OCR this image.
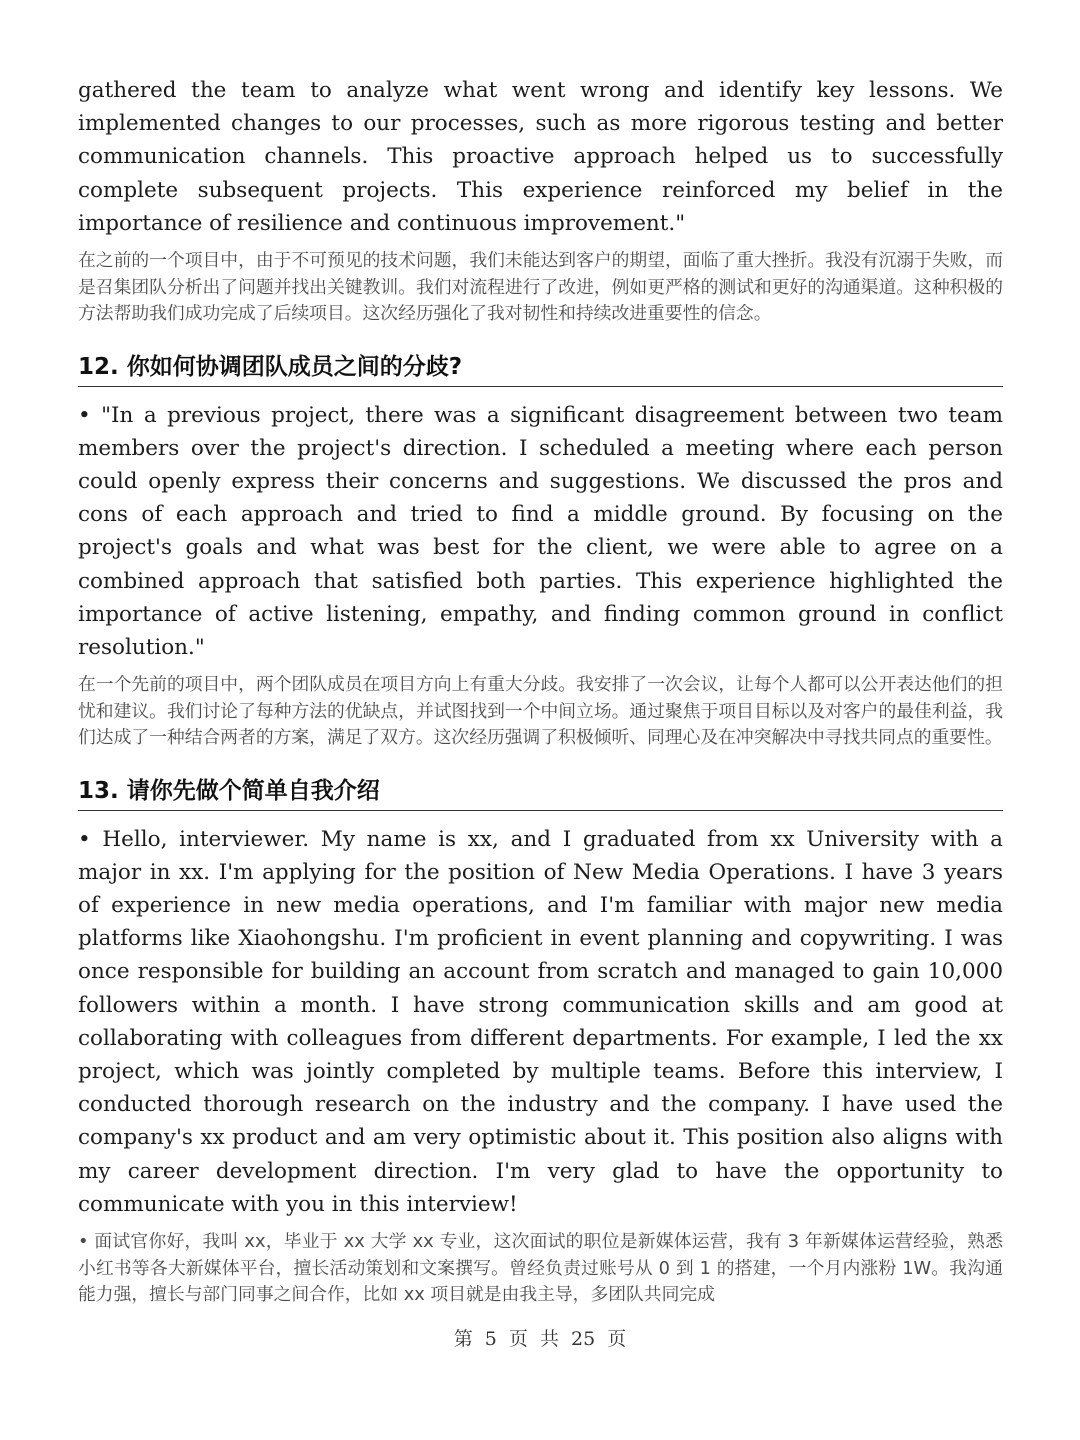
gathered the team to analyze what went wrong and identify key lessons. We implemented changes to our processes, such as more rigorous testing and better communication channels. This proactive approach helped us to successfully complete subsequent projects. This experience reinforced my belief in the importance of resilience and continuous improvement."

在之前的一个项目中，由于不可预见的技术问题，我们未能达到客户的期望，面临了重大挫折。我没有沉溺于失败，而是召集团队分析出了问题并找出关键教训。我们对流程进行了改进，例如更严格的测试和更好的沟通渠道。这种积极的方法帮助我们成功完成了后续项目。这次经历强化了我对韧性和持续改进重要性的信念。

12. 你如何协调团队成员之间的分歧?

• "In a previous project, there was a significant disagreement between two team members over the project's direction. I scheduled a meeting where each person could openly express their concerns and suggestions. We discussed the pros and cons of each approach and tried to find a middle ground. By focusing on the project's goals and what was best for the client, we were able to agree on a combined approach that satisfied both parties. This experience highlighted the importance of active listening, empathy, and finding common ground in conflict resolution."

在一个先前的项目中，两个团队成员在项目方向上有重大分歧。我安排了一次会议，让每个人都可以公开表达他们的担忧和建议。我们讨论了每种方法的优缺点，并试图找到一个中间立场。通过聚焦于项目目标以及对客户的最佳利益，我们达成了一种结合两者的方案，满足了双方。这次经历强调了积极倾听、同理心及在冲突解决中寻找共同点的重要性。

13. 请你先做个简单自我介绍

• Hello, interviewer. My name is xx, and I graduated from xx University with a major in xx. I'm applying for the position of New Media Operations. I have 3 years of experience in new media operations, and I'm familiar with major new media platforms like Xiaohongshu. I'm proficient in event planning and copywriting. I was once responsible for building an account from scratch and managed to gain 10,000 followers within a month. I have strong communication skills and am good at collaborating with colleagues from different departments. For example, I led the xx project, which was jointly completed by multiple teams. Before this interview, I conducted thorough research on the industry and the company. I have used the company's xx product and am very optimistic about it. This position also aligns with my career development direction. I'm very glad to have the opportunity to communicate with you in this interview!

• 面试官你好，我叫 xx，毕业于 xx 大学 xx 专业，这次面试的职位是新媒体运营，我有 3 年新媒体运营经验，熟悉小红书等各大新媒体平台，擅长活动策划和文案撰写。曾经负责过账号从 0 到 1 的搭建，一个月内涨粉 1W。我沟通能力强，擅长与部门同事之间合作，比如 xx 项目就是由我主导，多团队共同完成

第 5 页 共 25 页
